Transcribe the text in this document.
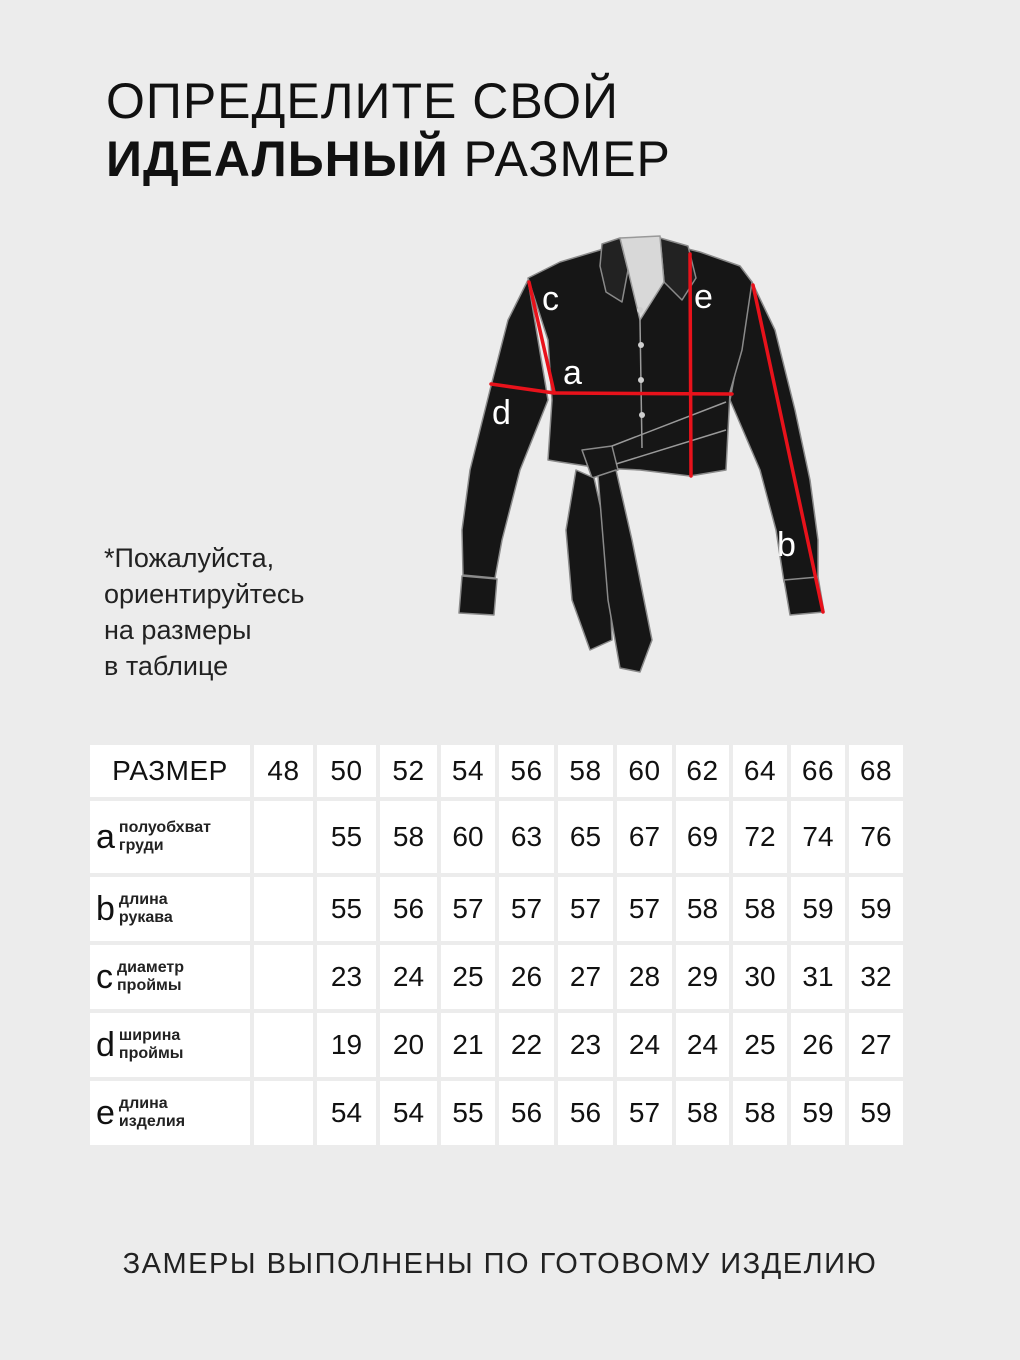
ОПРЕДЕЛИТЕ СВОЙ
ИДЕАЛЬНЫЙ РАЗМЕР
*Пожалуйста,
ориентируйтесь
на размеры
в таблице
c
a
d
e
b
РАЗМЕР	48	50	52	54	56	58	60	62	64	66	68

a полуобхват
груди		55	58	60	63	65	67	69	72	74	76

b длина
рукава		55	56	57	57	57	57	58	58	59	59

c диаметр
проймы		23	24	25	26	27	28	29	30	31	32

d ширина
проймы		19	20	21	22	23	24	24	25	26	27

e длина
изделия		54	54	55	56	56	57	58	58	59	59
ЗАМЕРЫ ВЫПОЛНЕНЫ ПО ГОТОВОМУ ИЗДЕЛИЮ
